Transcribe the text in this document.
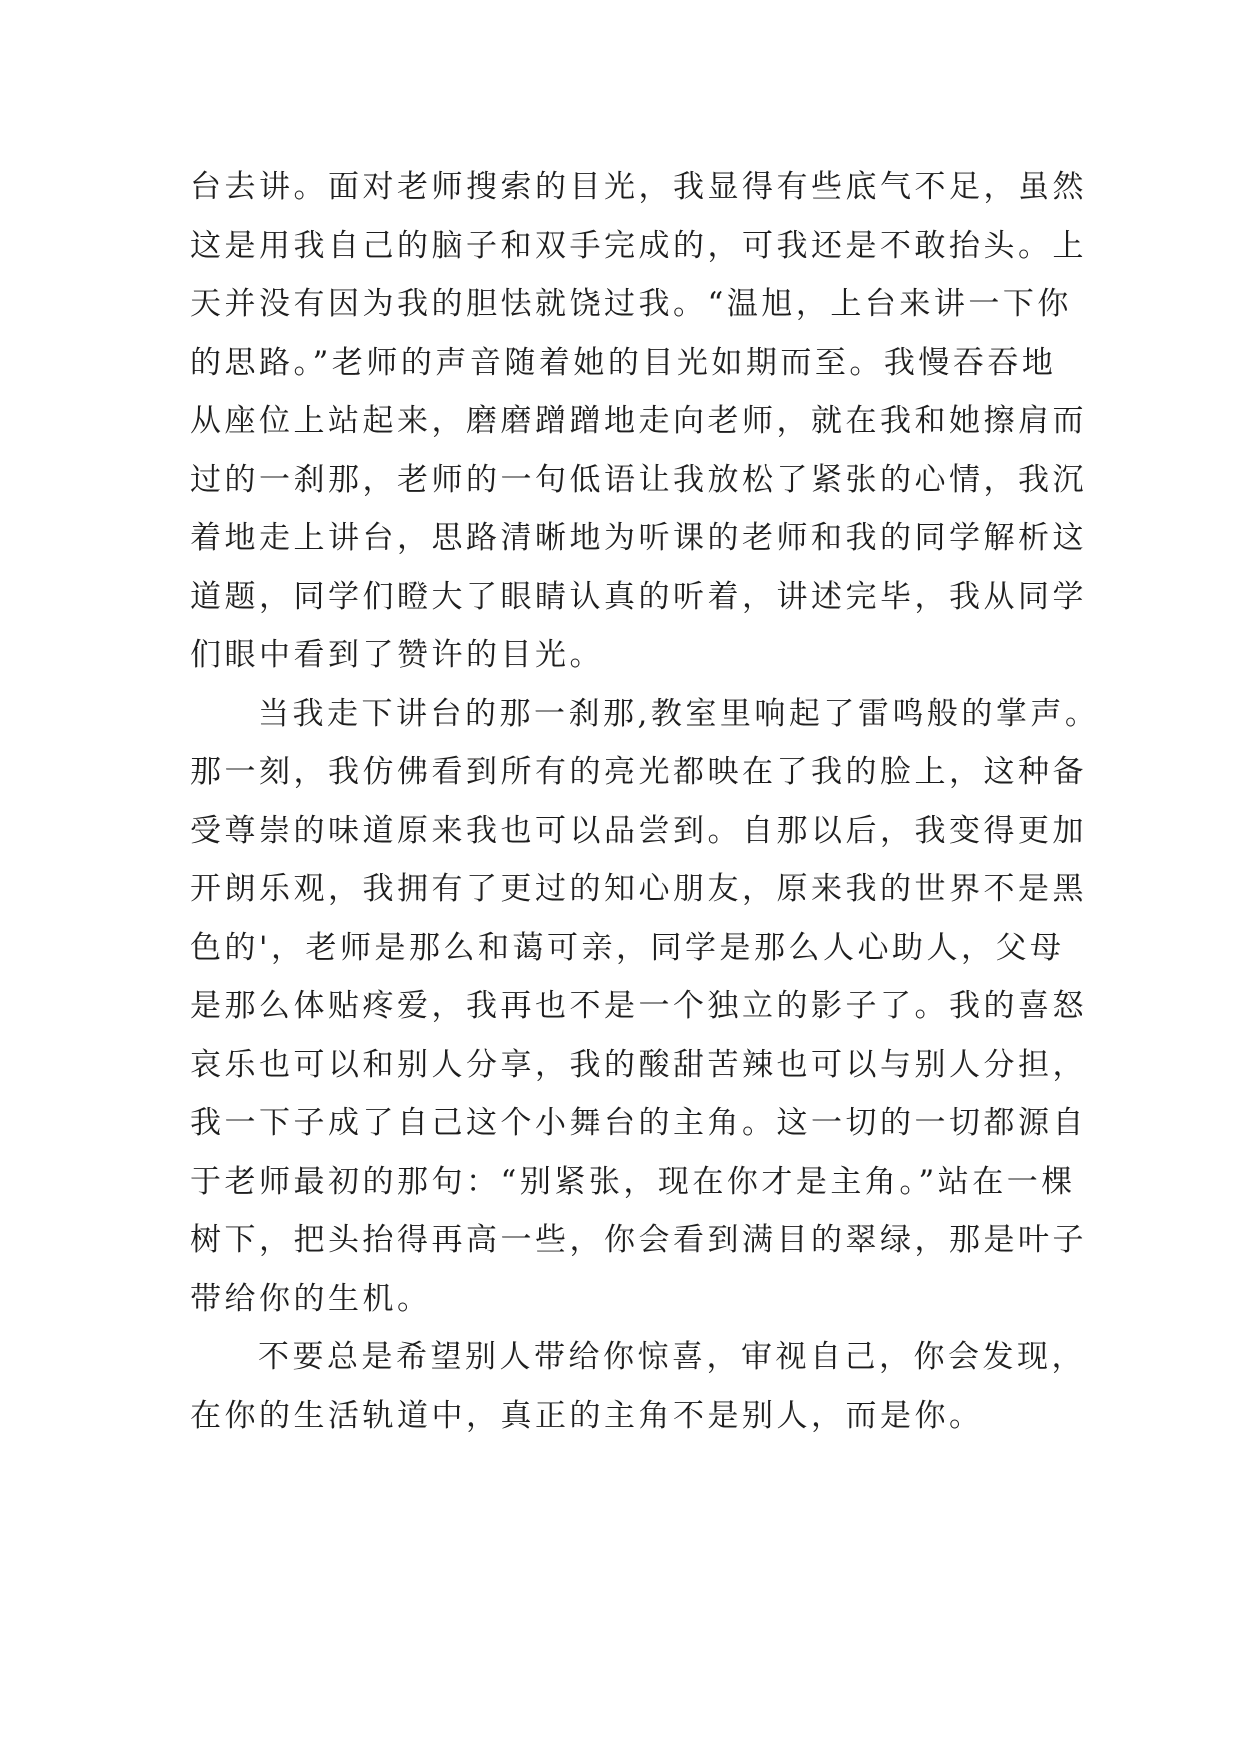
台去讲。面对老师搜索的目光，我显得有些底气不足，虽然
这是用我自己的脑子和双手完成的，可我还是不敢抬头。上
天并没有因为我的胆怯就饶过我。“温旭，上台来讲一下你
的思路。”老师的声音随着她的目光如期而至。我慢吞吞地
从座位上站起来，磨磨蹭蹭地走向老师，就在我和她擦肩而
过的一刹那，老师的一句低语让我放松了紧张的心情，我沉
着地走上讲台，思路清晰地为听课的老师和我的同学解析这
道题，同学们瞪大了眼睛认真的听着，讲述完毕，我从同学
们眼中看到了赞许的目光。
当我走下讲台的那一刹那,教室里响起了雷鸣般的掌声。
那一刻，我仿佛看到所有的亮光都映在了我的脸上，这种备
受尊崇的味道原来我也可以品尝到。自那以后，我变得更加
开朗乐观，我拥有了更过的知心朋友，原来我的世界不是黑
色的'，老师是那么和蔼可亲，同学是那么人心助人，父母
是那么体贴疼爱，我再也不是一个独立的影子了。我的喜怒
哀乐也可以和别人分享，我的酸甜苦辣也可以与别人分担，
我一下子成了自己这个小舞台的主角。这一切的一切都源自
于老师最初的那句：“别紧张，现在你才是主角。”站在一棵
树下，把头抬得再高一些，你会看到满目的翠绿，那是叶子
带给你的生机。
不要总是希望别人带给你惊喜，审视自己，你会发现，
在你的生活轨道中，真正的主角不是别人，而是你。
